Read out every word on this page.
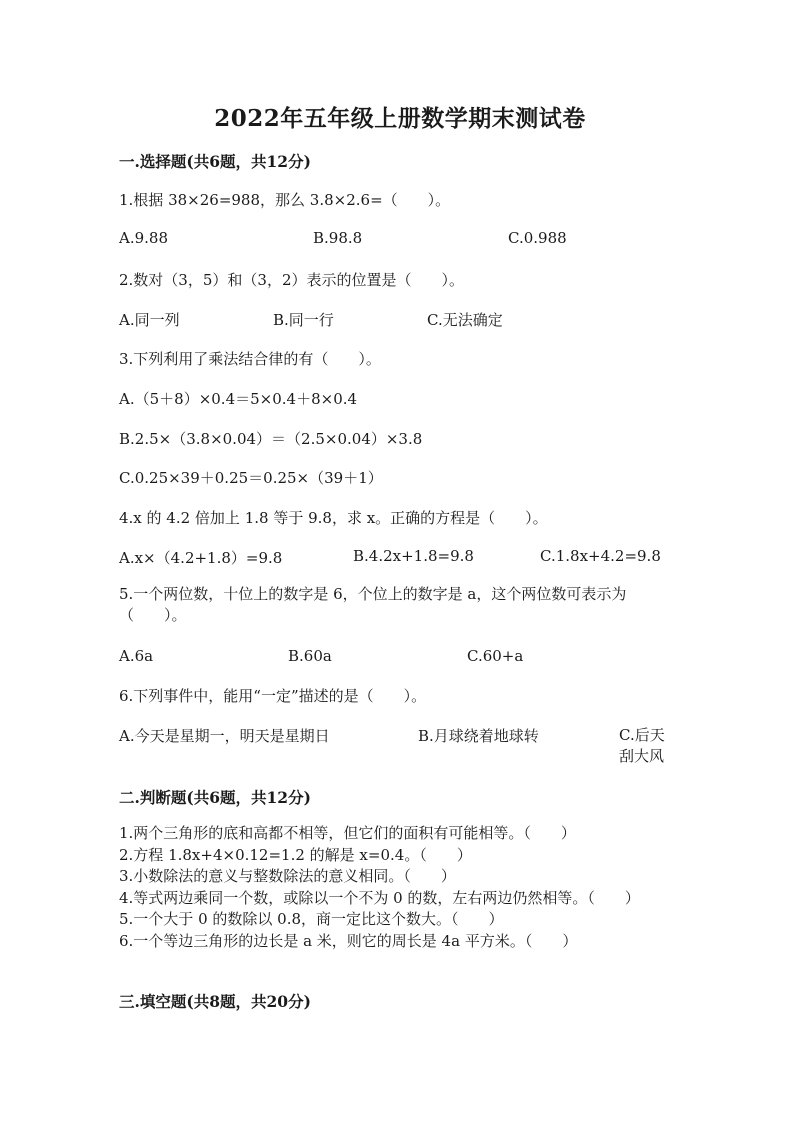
2022年五年级上册数学期末测试卷
一.选择题(共6题，共12分)
1.根据 38×26=988，那么 3.8×2.6=（　　）。
A.9.88	B.98.8	C.0.988
2.数对（3，5）和（3，2）表示的位置是（　　）。
A.同一列	B.同一行	C.无法确定
3.下列利用了乘法结合律的有（　　）。
A.（5＋8）×0.4＝5×0.4＋8×0.4
B.2.5×（3.8×0.04）＝（2.5×0.04）×3.8
C.0.25×39＋0.25＝0.25×（39＋1）
4.x 的 4.2 倍加上 1.8 等于 9.8，求 x。正确的方程是（　　）。
A.x×（4.2+1.8）=9.8	B.4.2x+1.8=9.8	C.1.8x+4.2=9.8
5.一个两位数，十位上的数字是 6，个位上的数字是 a，这个两位数可表示为（　　）。
A.6a	B.60a	C.60+a
6.下列事件中，能用“一定”描述的是（　　）。
A.今天是星期一，明天是星期日	B.月球绕着地球转	C.后天刮大风
二.判断题(共6题，共12分)
1.两个三角形的底和高都不相等，但它们的面积有可能相等。（　　）
2.方程 1.8x+4×0.12=1.2 的解是 x=0.4。（　　）
3.小数除法的意义与整数除法的意义相同。（　　）
4.等式两边乘同一个数，或除以一个不为 0 的数，左右两边仍然相等。（　　）
5.一个大于 0 的数除以 0.8，商一定比这个数大。（　　）
6.一个等边三角形的边长是 a 米，则它的周长是 4a 平方米。（　　）
三.填空题(共8题，共20分)
